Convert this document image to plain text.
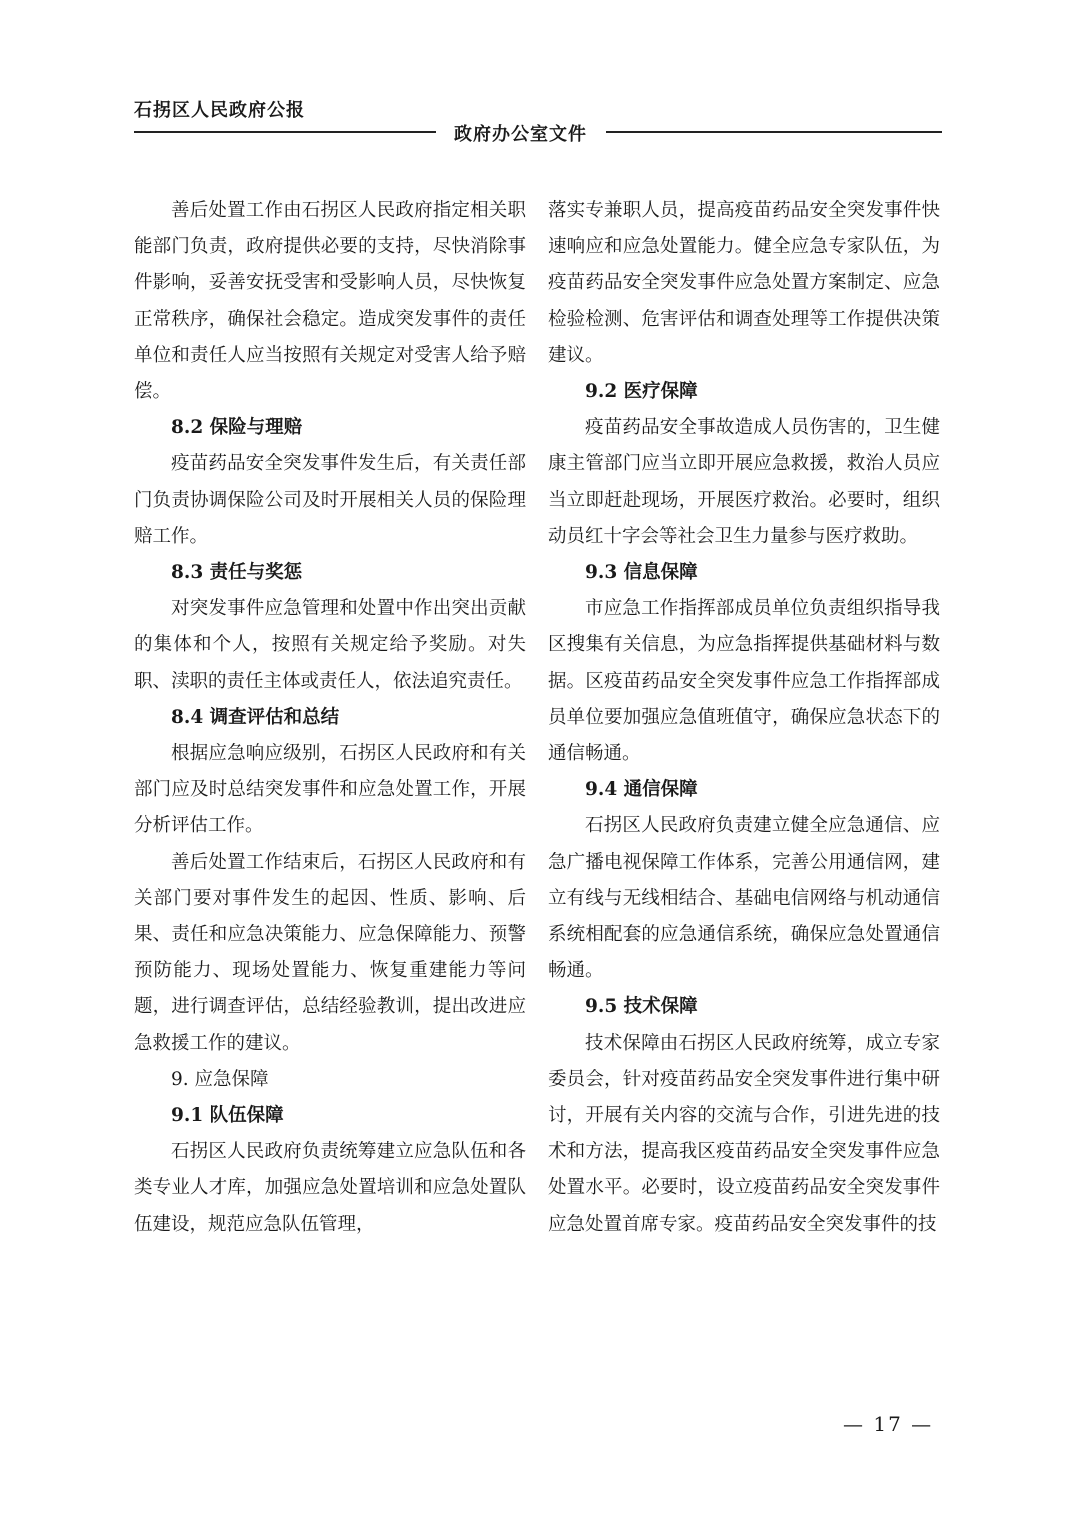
石拐区人民政府公报
政府办公室文件

善后处置工作由石拐区人民政府指定相关职能部门负责，政府提供必要的支持，尽快消除事件影响，妥善安抚受害和受影响人员，尽快恢复正常秩序，确保社会稳定。造成突发事件的责任单位和责任人应当按照有关规定对受害人给予赔偿。

8.2 保险与理赔

疫苗药品安全突发事件发生后，有关责任部门负责协调保险公司及时开展相关人员的保险理赔工作。

8.3 责任与奖惩

对突发事件应急管理和处置中作出突出贡献的集体和个人，按照有关规定给予奖励。对失职、渎职的责任主体或责任人，依法追究责任。

8.4 调查评估和总结

根据应急响应级别，石拐区人民政府和有关部门应及时总结突发事件和应急处置工作，开展分析评估工作。

善后处置工作结束后，石拐区人民政府和有关部门要对事件发生的起因、性质、影响、后果、责任和应急决策能力、应急保障能力、预警预防能力、现场处置能力、恢复重建能力等问题，进行调查评估，总结经验教训，提出改进应急救援工作的建议。

9. 应急保障

9.1 队伍保障

石拐区人民政府负责统筹建立应急队伍和各类专业人才库，加强应急处置培训和应急处置队伍建设，规范应急队伍管理，

落实专兼职人员，提高疫苗药品安全突发事件快速响应和应急处置能力。健全应急专家队伍，为疫苗药品安全突发事件应急处置方案制定、应急检验检测、危害评估和调查处理等工作提供决策建议。

9.2 医疗保障

疫苗药品安全事故造成人员伤害的，卫生健康主管部门应当立即开展应急救援，救治人员应当立即赶赴现场，开展医疗救治。必要时，组织动员红十字会等社会卫生力量参与医疗救助。

9.3 信息保障

市应急工作指挥部成员单位负责组织指导我区搜集有关信息，为应急指挥提供基础材料与数据。区疫苗药品安全突发事件应急工作指挥部成员单位要加强应急值班值守，确保应急状态下的通信畅通。

9.4 通信保障

石拐区人民政府负责建立健全应急通信、应急广播电视保障工作体系，完善公用通信网，建立有线与无线相结合、基础电信网络与机动通信系统相配套的应急通信系统，确保应急处置通信畅通。

9.5 技术保障

技术保障由石拐区人民政府统筹，成立专家委员会，针对疫苗药品安全突发事件进行集中研讨，开展有关内容的交流与合作，引进先进的技术和方法，提高我区疫苗药品安全突发事件应急处置水平。必要时，设立疫苗药品安全突发事件应急处置首席专家。疫苗药品安全突发事件的技

— 17 —
